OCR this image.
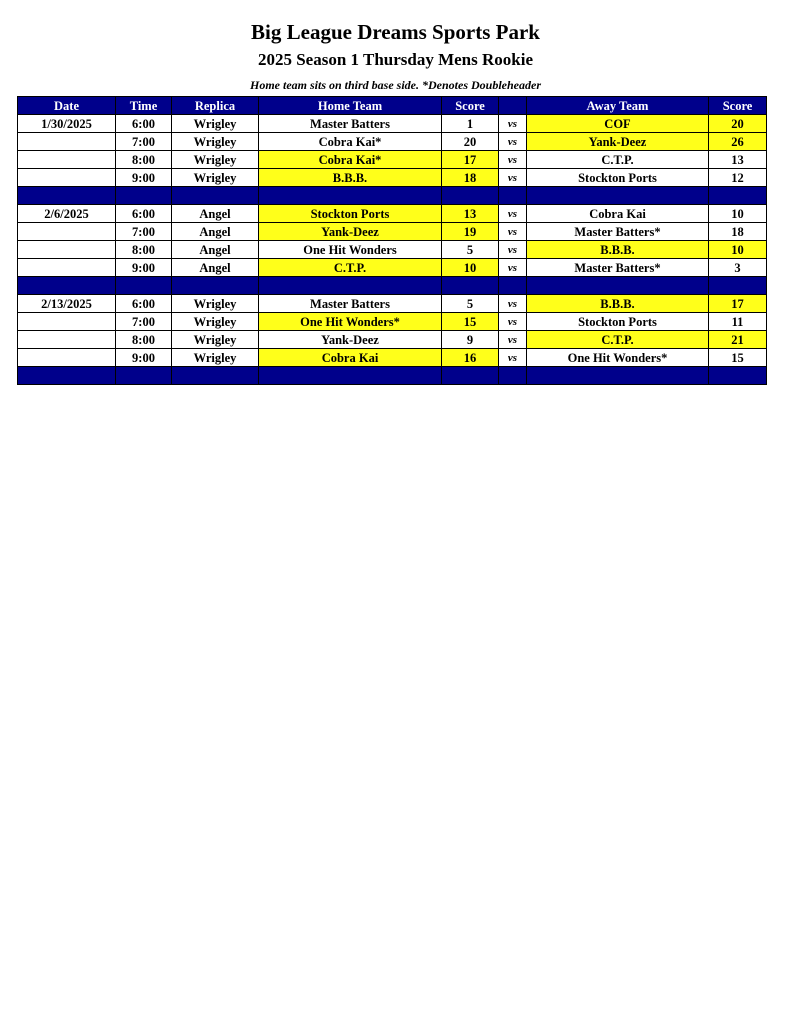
Big League Dreams Sports Park
2025 Season 1 Thursday Mens Rookie
Home team sits on third base side. *Denotes Doubleheader
Date	Time	Replica	Home Team	Score		Away Team	Score
1/30/2025	6:00	Wrigley	Master Batters	1	vs	COF	20
	7:00	Wrigley	Cobra Kai*	20	vs	Yank-Deez	26
	8:00	Wrigley	Cobra Kai*	17	vs	C.T.P.	13
	9:00	Wrigley	B.B.B.	18	vs	Stockton Ports	12

2/6/2025	6:00	Angel	Stockton Ports	13	vs	Cobra Kai	10
	7:00	Angel	Yank-Deez	19	vs	Master Batters*	18
	8:00	Angel	One Hit Wonders	5	vs	B.B.B.	10
	9:00	Angel	C.T.P.	10	vs	Master Batters*	3

2/13/2025	6:00	Wrigley	Master Batters	5	vs	B.B.B.	17
	7:00	Wrigley	One Hit Wonders*	15	vs	Stockton Ports	11
	8:00	Wrigley	Yank-Deez	9	vs	C.T.P.	21
	9:00	Wrigley	Cobra Kai	16	vs	One Hit Wonders*	15
